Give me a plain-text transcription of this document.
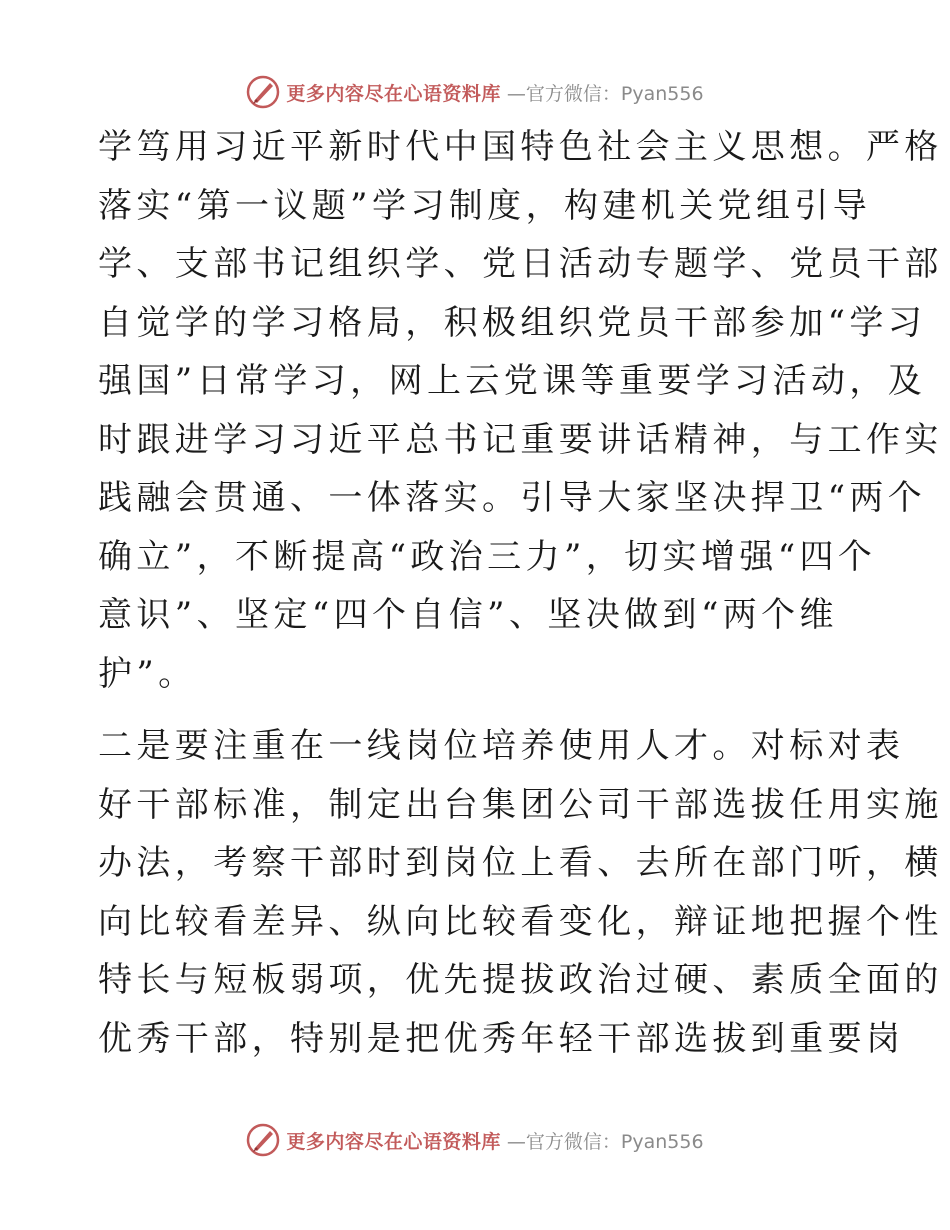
更多内容尽在心语资料库 —官方微信：Pyan556
学笃用习近平新时代中国特色社会主义思想。严格
落实“第一议题”学习制度，构建机关党组引导
学、支部书记组织学、党日活动专题学、党员干部
自觉学的学习格局，积极组织党员干部参加“学习
强国”日常学习，网上云党课等重要学习活动，及
时跟进学习习近平总书记重要讲话精神，与工作实
践融会贯通、一体落实。引导大家坚决捍卫“两个
确立”，不断提高“政治三力”，切实增强“四个
意识”、坚定“四个自信”、坚决做到“两个维
护”。
二是要注重在一线岗位培养使用人才。对标对表
好干部标准，制定出台集团公司干部选拔任用实施
办法，考察干部时到岗位上看、去所在部门听，横
向比较看差异、纵向比较看变化，辩证地把握个性
特长与短板弱项，优先提拔政治过硬、素质全面的
优秀干部，特别是把优秀年轻干部选拔到重要岗
更多内容尽在心语资料库 —官方微信：Pyan556
